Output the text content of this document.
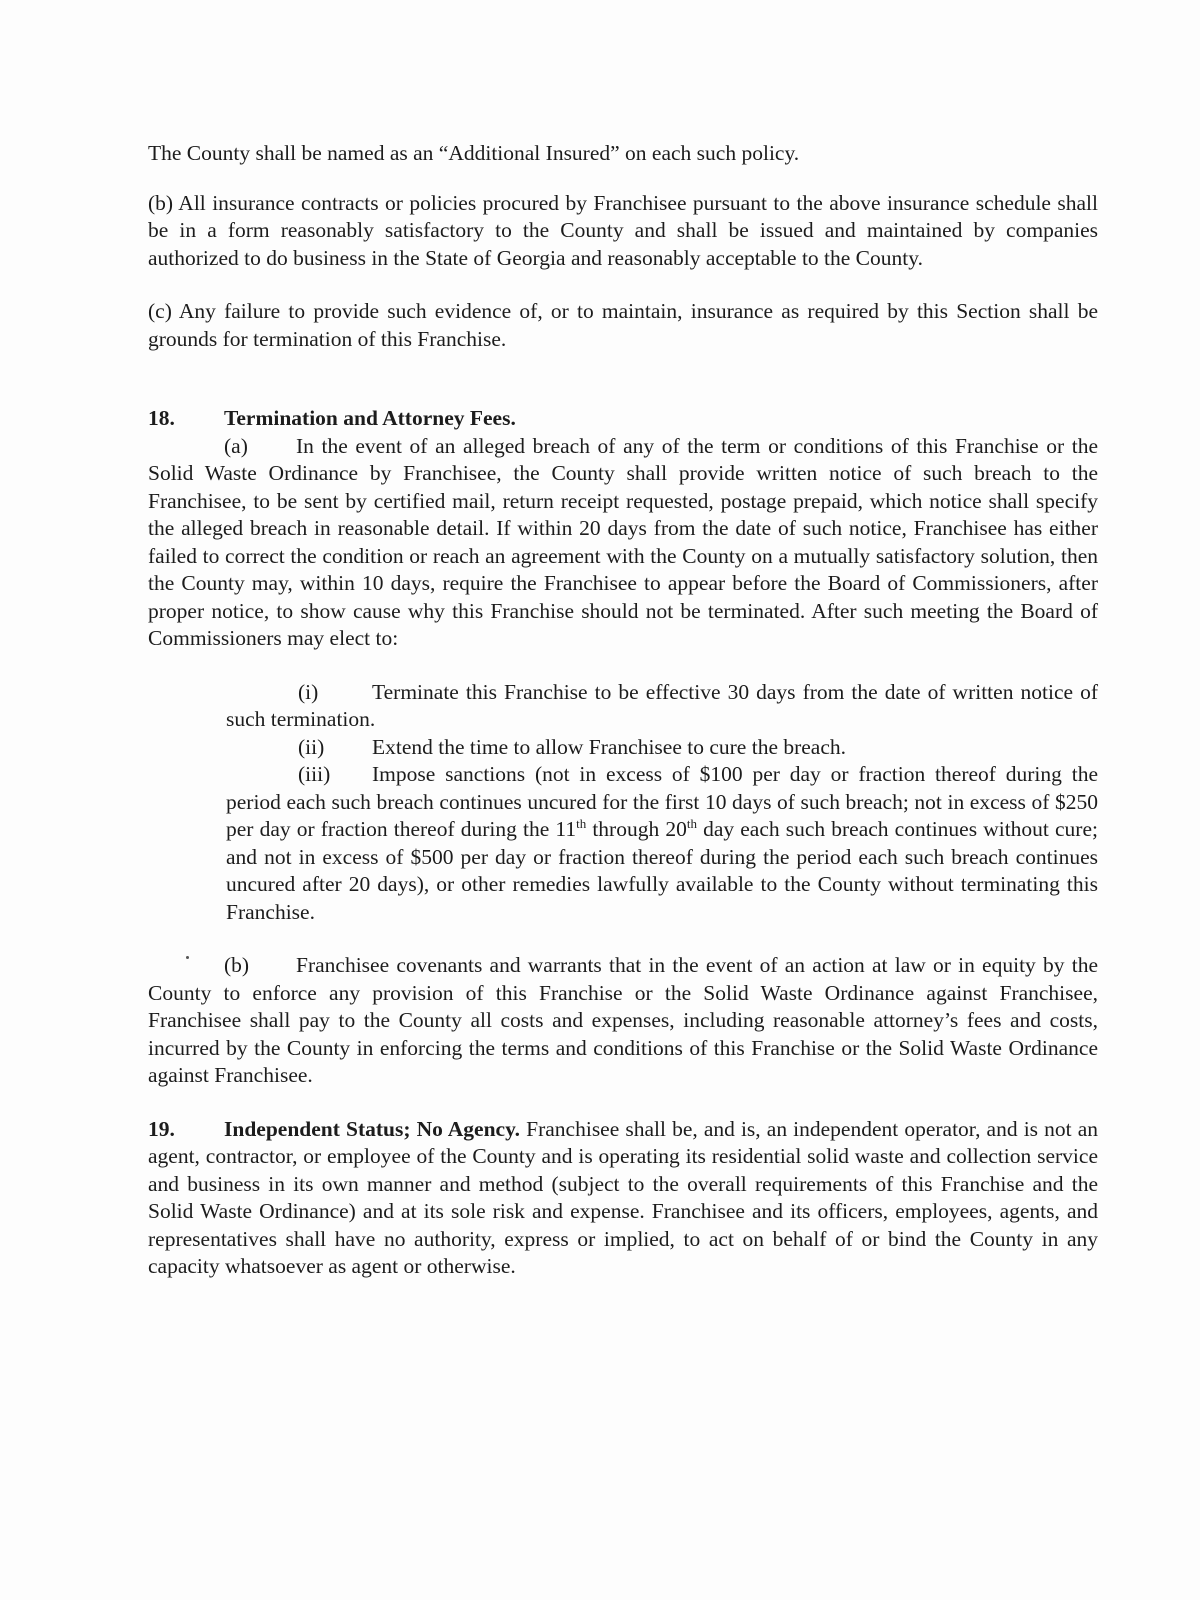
The County shall be named as an “Additional Insured” on each such policy.

(b) All insurance contracts or policies procured by Franchisee pursuant to the above insurance schedule shall be in a form reasonably satisfactory to the County and shall be issued and maintained by companies authorized to do business in the State of Georgia and reasonably acceptable to the County.

(c) Any failure to provide such evidence of, or to maintain, insurance as required by this Section shall be grounds for termination of this Franchise.

18. Termination and Attorney Fees.

(a) In the event of an alleged breach of any of the term or conditions of this Franchise or the Solid Waste Ordinance by Franchisee, the County shall provide written notice of such breach to the Franchisee, to be sent by certified mail, return receipt requested, postage prepaid, which notice shall specify the alleged breach in reasonable detail. If within 20 days from the date of such notice, Franchisee has either failed to correct the condition or reach an agreement with the County on a mutually satisfactory solution, then the County may, within 10 days, require the Franchisee to appear before the Board of Commissioners, after proper notice, to show cause why this Franchise should not be terminated. After such meeting the Board of Commissioners may elect to:

(i) Terminate this Franchise to be effective 30 days from the date of written notice of such termination.

(ii) Extend the time to allow Franchisee to cure the breach.

(iii) Impose sanctions (not in excess of $100 per day or fraction thereof during the period each such breach continues uncured for the first 10 days of such breach; not in excess of $250 per day or fraction thereof during the 11th through 20th day each such breach continues without cure; and not in excess of $500 per day or fraction thereof during the period each such breach continues uncured after 20 days), or other remedies lawfully available to the County without terminating this Franchise.

(b) Franchisee covenants and warrants that in the event of an action at law or in equity by the County to enforce any provision of this Franchise or the Solid Waste Ordinance against Franchisee, Franchisee shall pay to the County all costs and expenses, including reasonable attorney’s fees and costs, incurred by the County in enforcing the terms and conditions of this Franchise or the Solid Waste Ordinance against Franchisee.

19. Independent Status; No Agency. Franchisee shall be, and is, an independent operator, and is not an agent, contractor, or employee of the County and is operating its residential solid waste and collection service and business in its own manner and method (subject to the overall requirements of this Franchise and the Solid Waste Ordinance) and at its sole risk and expense. Franchisee and its officers, employees, agents, and representatives shall have no authority, express or implied, to act on behalf of or bind the County in any capacity whatsoever as agent or otherwise.
